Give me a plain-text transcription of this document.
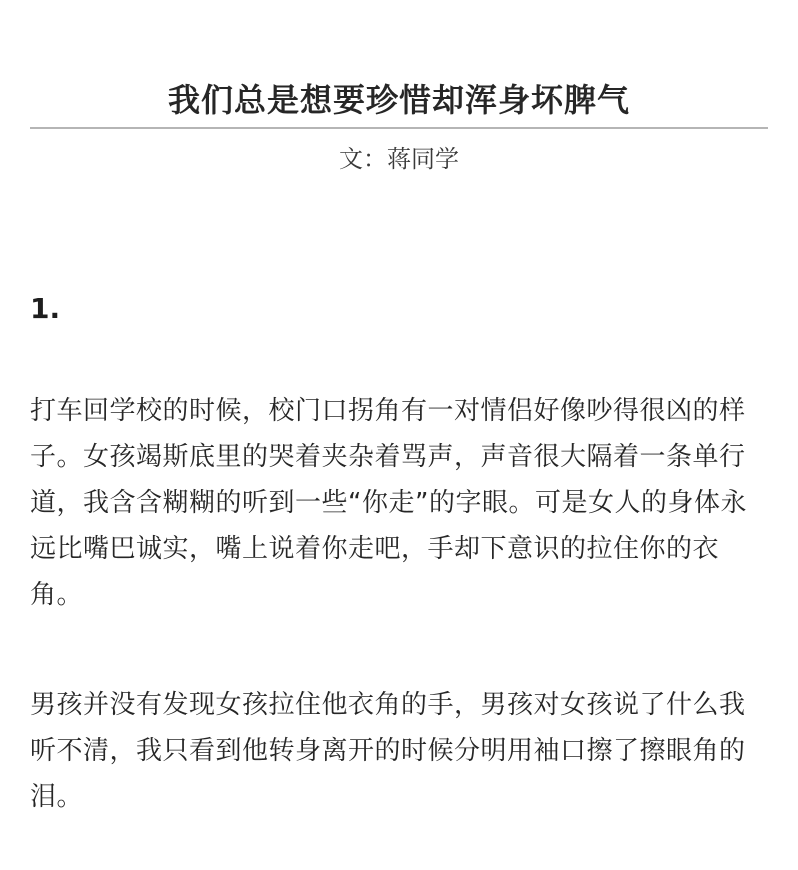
我们总是想要珍惜却浑身坏脾气
文：蒋同学
1.

打车回学校的时候，校门口拐角有一对情侣好像吵得很凶的样子。女孩竭斯底里的哭着夹杂着骂声，声音很大隔着一条单行道，我含含糊糊的听到一些“你走”的字眼。可是女人的身体永远比嘴巴诚实，嘴上说着你走吧，手却下意识的拉住你的衣角。

男孩并没有发现女孩拉住他衣角的手，男孩对女孩说了什么我听不清，我只看到他转身离开的时候分明用袖口擦了擦眼角的泪。
